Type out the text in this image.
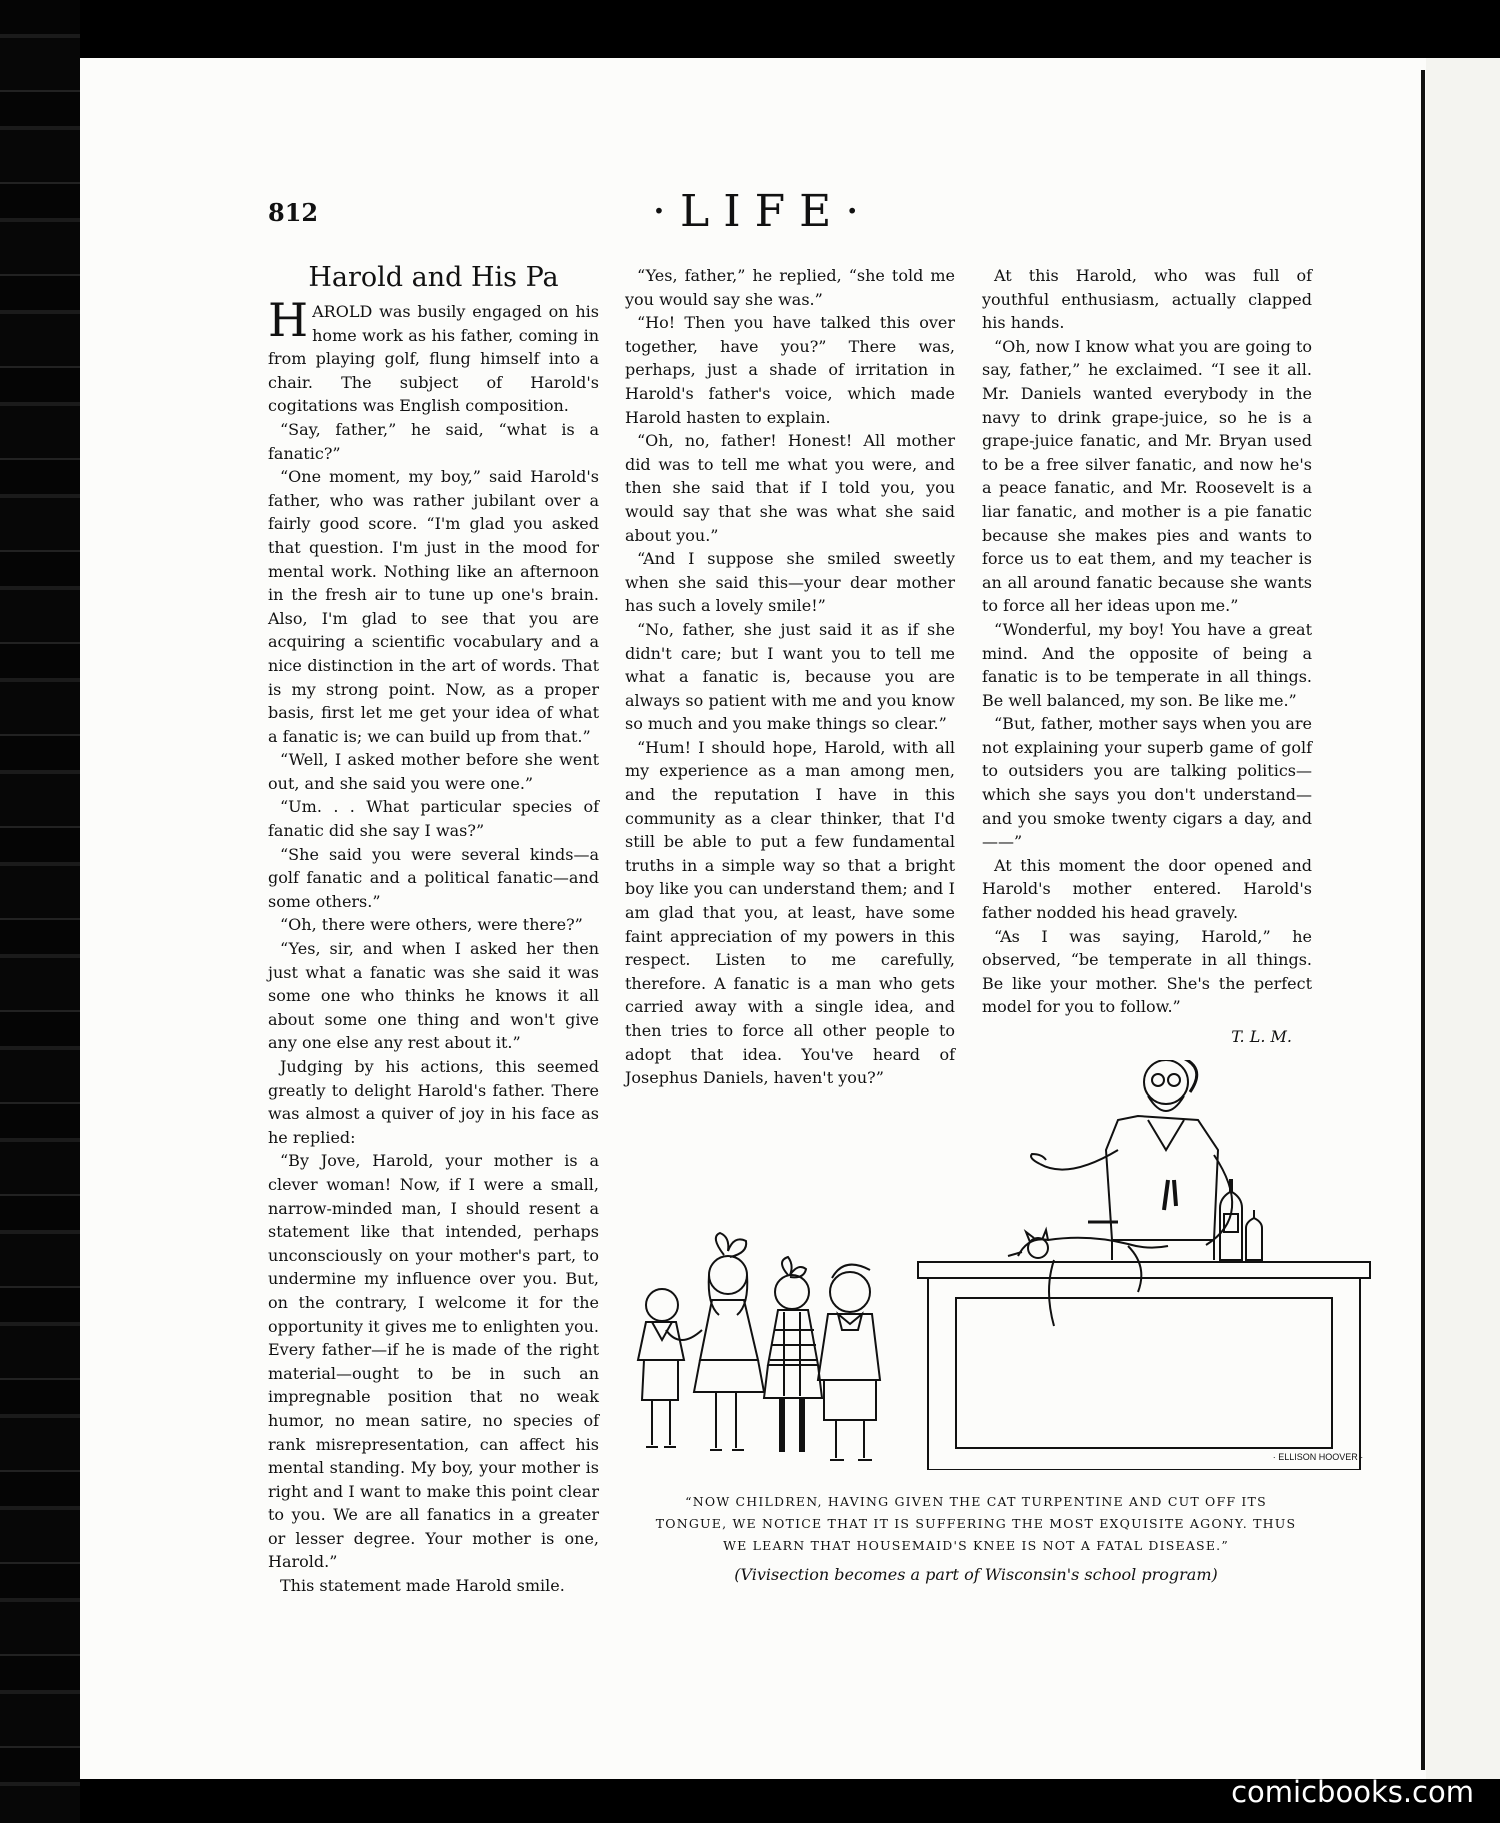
812	·LIFE·
Harold and His Pa

HAROLD was busily engaged on his home work as his father, coming in from playing golf, flung himself into a chair. The subject of Harold's cogitations was English composition.

“Say, father,” he said, “what is a fanatic?”

“One moment, my boy,” said Harold's father, who was rather jubilant over a fairly good score. “I'm glad you asked that question. I'm just in the mood for mental work. Nothing like an afternoon in the fresh air to tune up one's brain. Also, I'm glad to see that you are acquiring a scientific vocabulary and a nice distinction in the art of words. That is my strong point. Now, as a proper basis, first let me get your idea of what a fanatic is; we can build up from that.”

“Well, I asked mother before she went out, and she said you were one.”

“Um. . . What particular species of fanatic did she say I was?”

“She said you were several kinds—a golf fanatic and a political fanatic—and some others.”

“Oh, there were others, were there?”

“Yes, sir, and when I asked her then just what a fanatic was she said it was some one who thinks he knows it all about some one thing and won't give any one else any rest about it.”

Judging by his actions, this seemed greatly to delight Harold's father. There was almost a quiver of joy in his face as he replied:

“By Jove, Harold, your mother is a clever woman! Now, if I were a small, narrow-minded man, I should resent a statement like that intended, perhaps unconsciously on your mother's part, to undermine my influence over you. But, on the contrary, I welcome it for the opportunity it gives me to enlighten you. Every father—if he is made of the right material—ought to be in such an impregnable position that no weak humor, no mean satire, no species of rank misrepresentation, can affect his mental standing. My boy, your mother is right and I want to make this point clear to you. We are all fanatics in a greater or lesser degree. Your mother is one, Harold.”

This statement made Harold smile.

“Yes, father,” he replied, “she told me you would say she was.”

“Ho! Then you have talked this over together, have you?” There was, perhaps, just a shade of irritation in Harold's father's voice, which made Harold hasten to explain.

“Oh, no, father! Honest! All mother did was to tell me what you were, and then she said that if I told you, you would say that she was what she said about you.”

“And I suppose she smiled sweetly when she said this—your dear mother has such a lovely smile!”

“No, father, she just said it as if she didn't care; but I want you to tell me what a fanatic is, because you are always so patient with me and you know so much and you make things so clear.”

“Hum! I should hope, Harold, with all my experience as a man among men, and the reputation I have in this community as a clear thinker, that I'd still be able to put a few fundamental truths in a simple way so that a bright boy like you can understand them; and I am glad that you, at least, have some faint appreciation of my powers in this respect. Listen to me carefully, therefore. A fanatic is a man who gets carried away with a single idea, and then tries to force all other people to adopt that idea. You've heard of Josephus Daniels, haven't you?”

At this Harold, who was full of youthful enthusiasm, actually clapped his hands.

“Oh, now I know what you are going to say, father,” he exclaimed. “I see it all. Mr. Daniels wanted everybody in the navy to drink grape-juice, so he is a grape-juice fanatic, and Mr. Bryan used to be a free silver fanatic, and now he's a peace fanatic, and Mr. Roosevelt is a liar fanatic, and mother is a pie fanatic because she makes pies and wants to force us to eat them, and my teacher is an all around fanatic because she wants to force all her ideas upon me.”

“Wonderful, my boy! You have a great mind. And the opposite of being a fanatic is to be temperate in all things. Be well balanced, my son. Be like me.”

“But, father, mother says when you are not explaining your superb game of golf to outsiders you are talking politics—which she says you don't understand—and you smoke twenty cigars a day, and——”

At this moment the door opened and Harold's mother entered. Harold's father nodded his head gravely.

“As I was saying, Harold,” he observed, “be temperate in all things. Be like your mother. She's the perfect model for you to follow.”

T. L. M.
· ELLISON HOOVER ·
“NOW CHILDREN, HAVING GIVEN THE CAT TURPENTINE AND CUT OFF ITS
TONGUE, WE NOTICE THAT IT IS SUFFERING THE MOST EXQUISITE AGONY. THUS
WE LEARN THAT HOUSEMAID'S KNEE IS NOT A FATAL DISEASE.”
(Vivisection becomes a part of Wisconsin's school program)
comicbooks.com
